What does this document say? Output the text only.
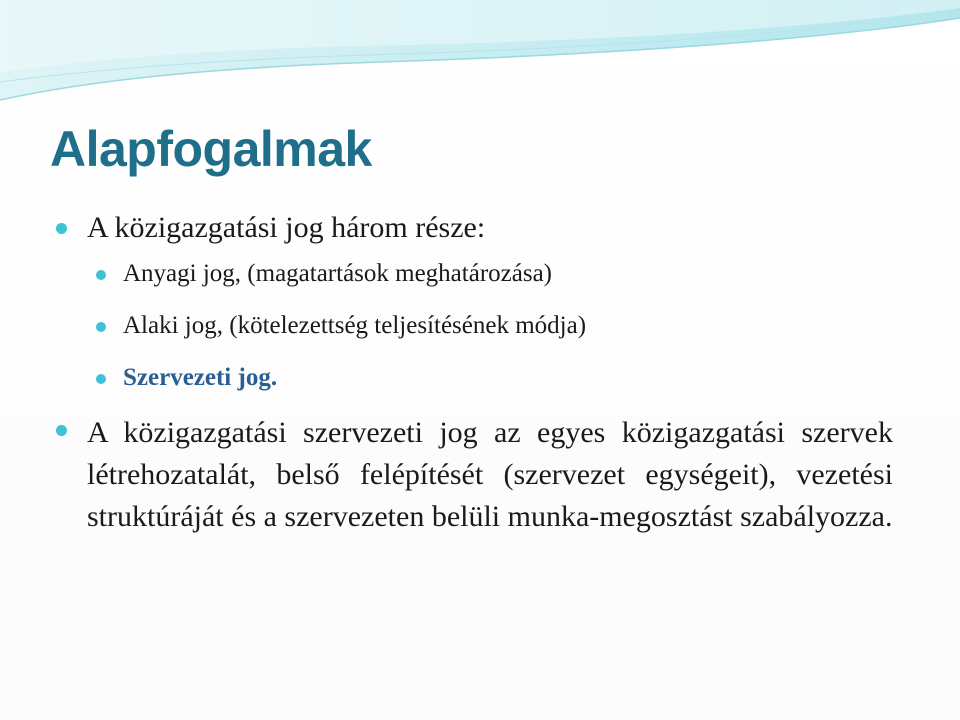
Alapfogalmak
A közigazgatási jog három része:
Anyagi jog, (magatartások meghatározása)
Alaki jog, (kötelezettség teljesítésének módja)
Szervezeti jog.
A közigazgatási szervezeti jog az egyes közigazgatási szervek létrehozatalát, belső felépítését (szervezet egységeit), vezetési struktúráját és a szervezeten belüli munka-megosztást szabályozza.
